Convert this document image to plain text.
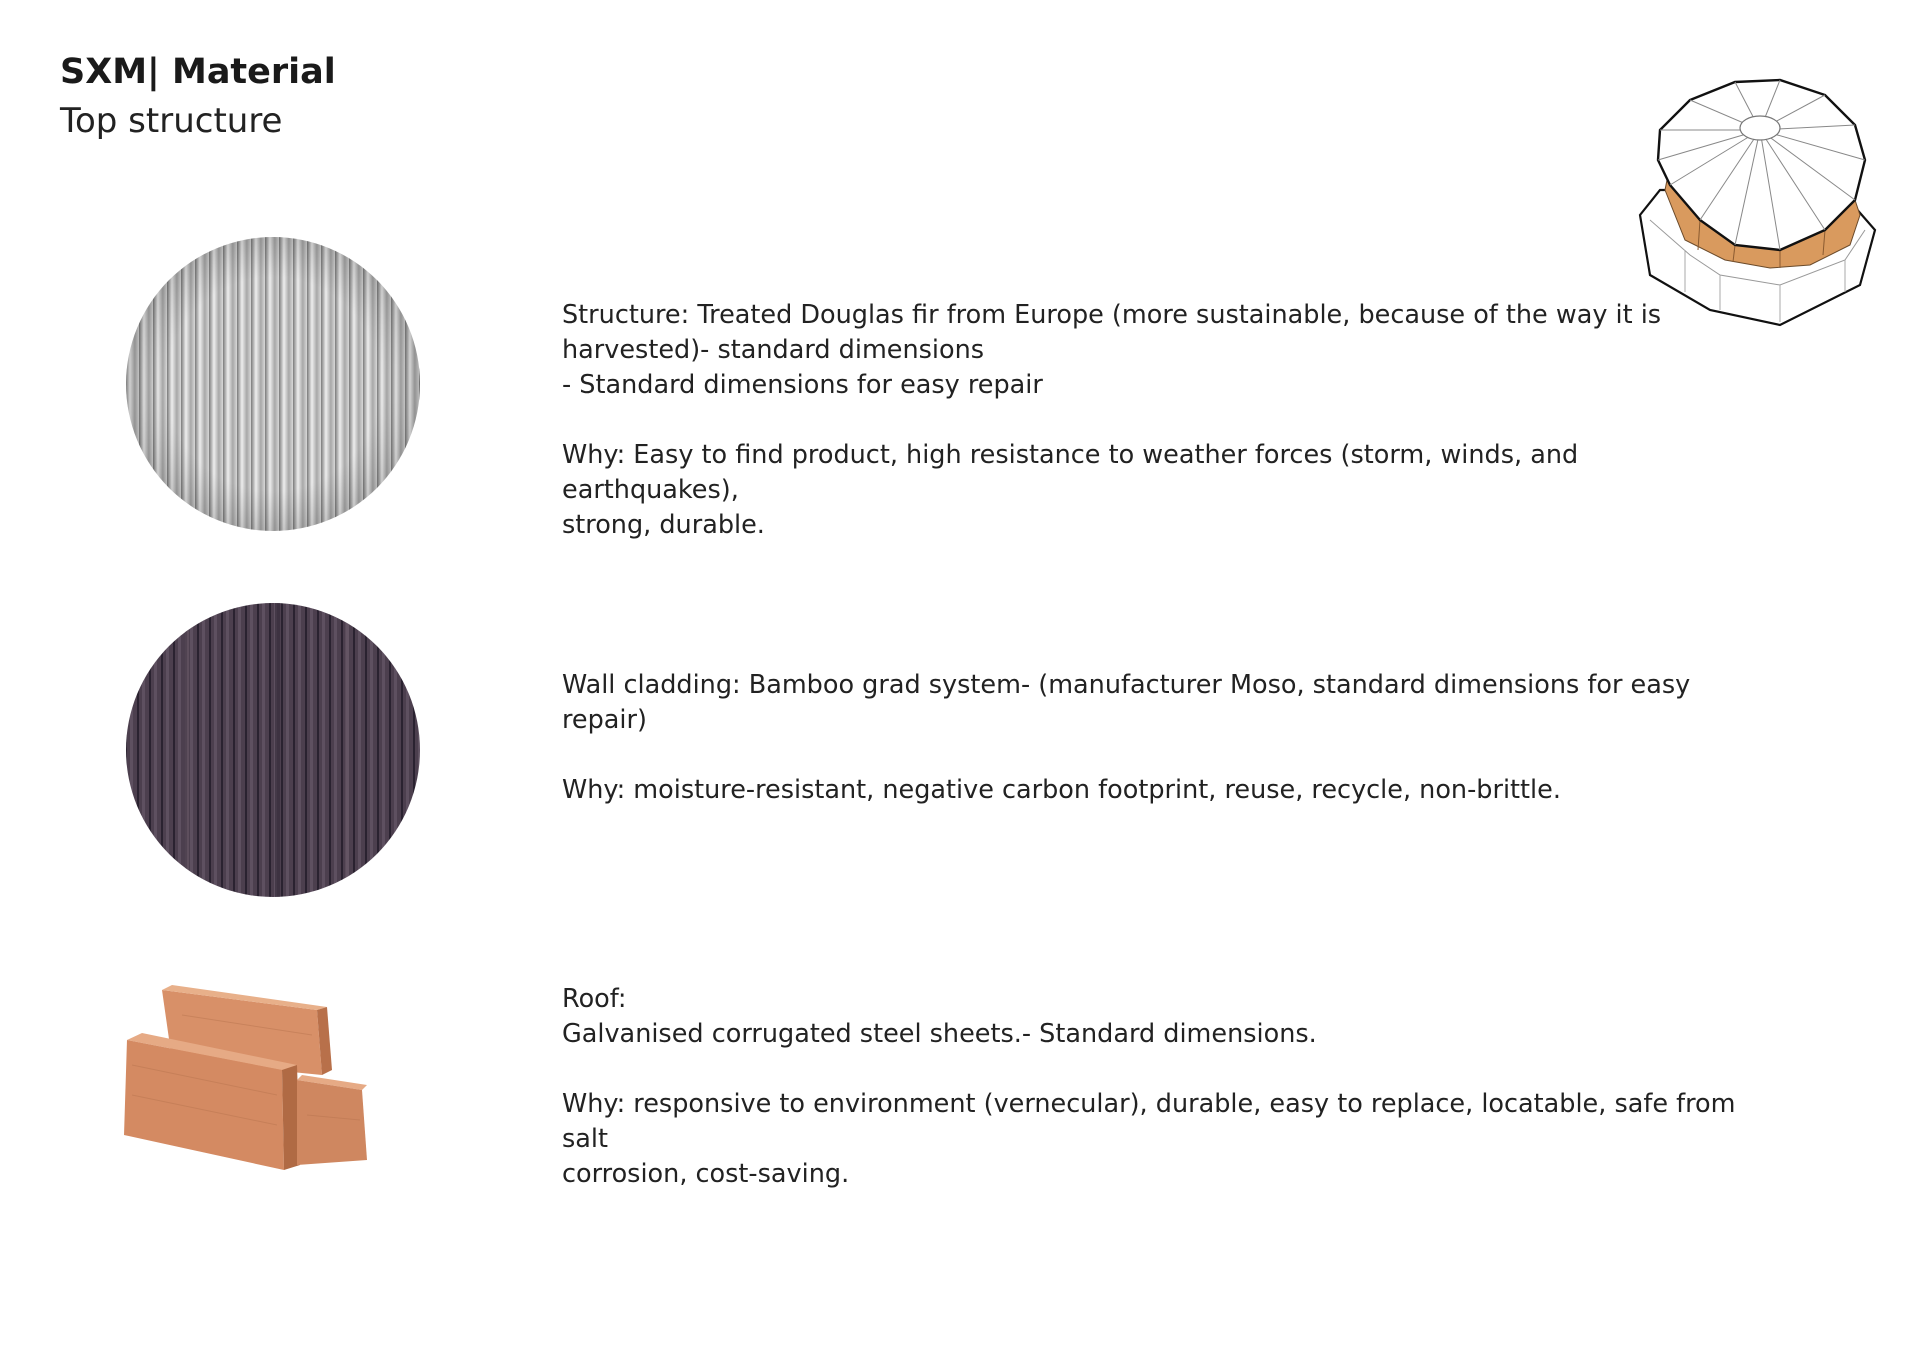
SXM| Material
Top structure

Structure: Treated Douglas fir from Europe (more sustainable, because of the way it is

harvested)- standard dimensions

- Standard dimensions for easy repair

Why: Easy to find product, high resistance to weather forces (storm, winds, and earthquakes),

strong, durable.

Wall cladding: Bamboo grad system- (manufacturer Moso, standard dimensions for easy repair)

Why: moisture-resistant, negative carbon footprint, reuse, recycle, non-brittle.

Roof:

Galvanised corrugated steel sheets.- Standard dimensions.

Why: responsive to environment (vernecular), durable, easy to replace, locatable, safe from salt

corrosion, cost-saving.
